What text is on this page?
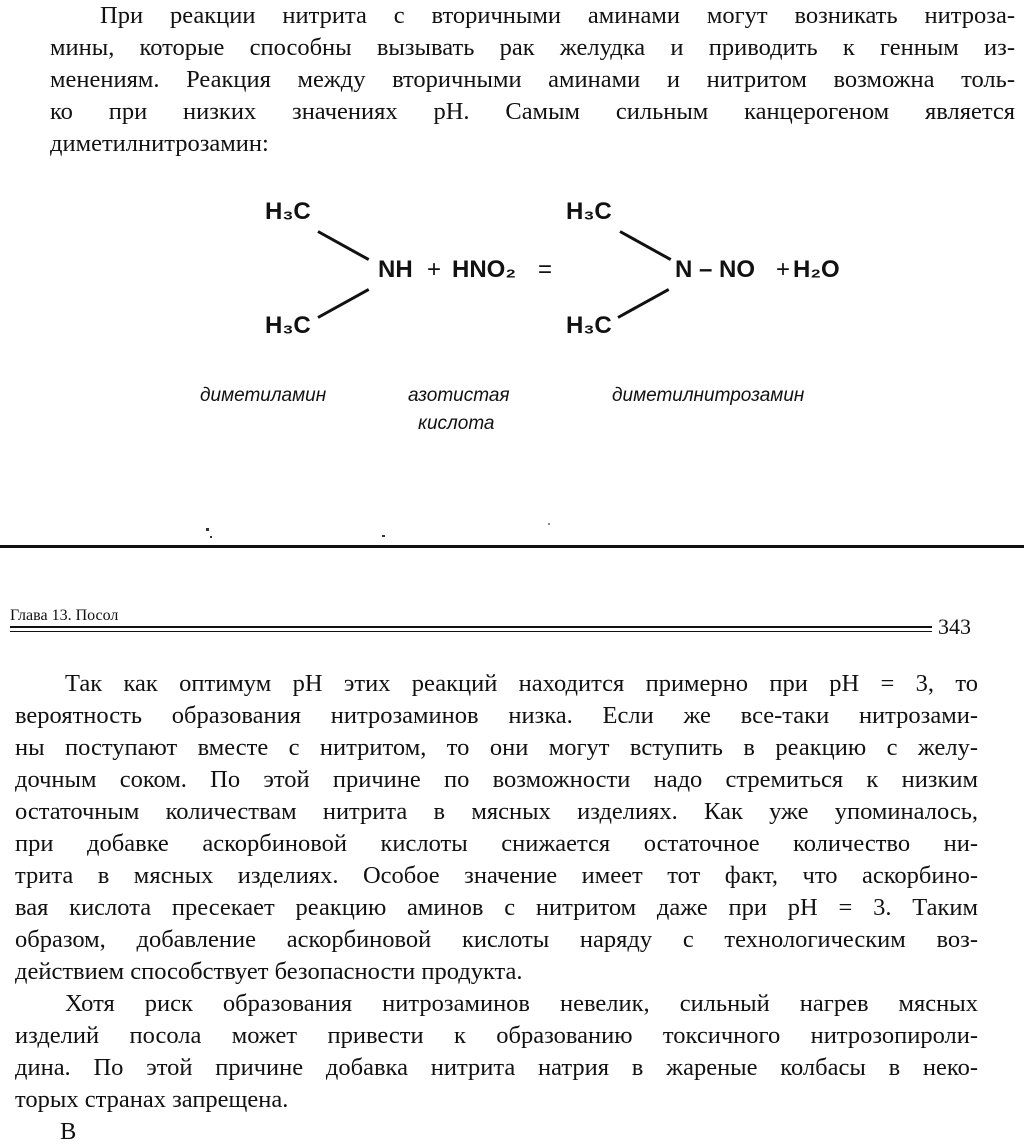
При реакции нитрита с вторичными аминами могут возникать нитроза-
мины, которые способны вызывать рак желудка и приводить к генным из-
менениям. Реакция между вторичными аминами и нитритом возможна толь-
ко при низких значениях pH. Самым сильным канцерогеном является
диметилнитрозамин:
H₃C
H₃C
NH + HNO₂ =
H₃C
H₃C
N – NO + H₂O
диметиламин	азотистая
кислота
диметилнитрозамин
Глава 13. Посол	343
Так как оптимум pH этих реакций находится примерно при pH = 3, то
вероятность образования нитрозаминов низка. Если же все-таки нитрозами-
ны поступают вместе с нитритом, то они могут вступить в реакцию с желу-
дочным соком. По этой причине по возможности надо стремиться к низким
остаточным количествам нитрита в мясных изделиях. Как уже упоминалось,
при добавке аскорбиновой кислоты снижается остаточное количество ни-
трита в мясных изделиях. Особое значение имеет тот факт, что аскорбино-
вая кислота пресекает реакцию аминов с нитритом даже при pH = 3. Таким
образом, добавление аскорбиновой кислоты наряду с технологическим воз-
действием способствует безопасности продукта.
Хотя риск образования нитрозаминов невелик, сильный нагрев мясных
изделий посола может привести к образованию токсичного нитрозопироли-
дина. По этой причине добавка нитрита натрия в жареные колбасы в неко-
торых странах запрещена.
В
